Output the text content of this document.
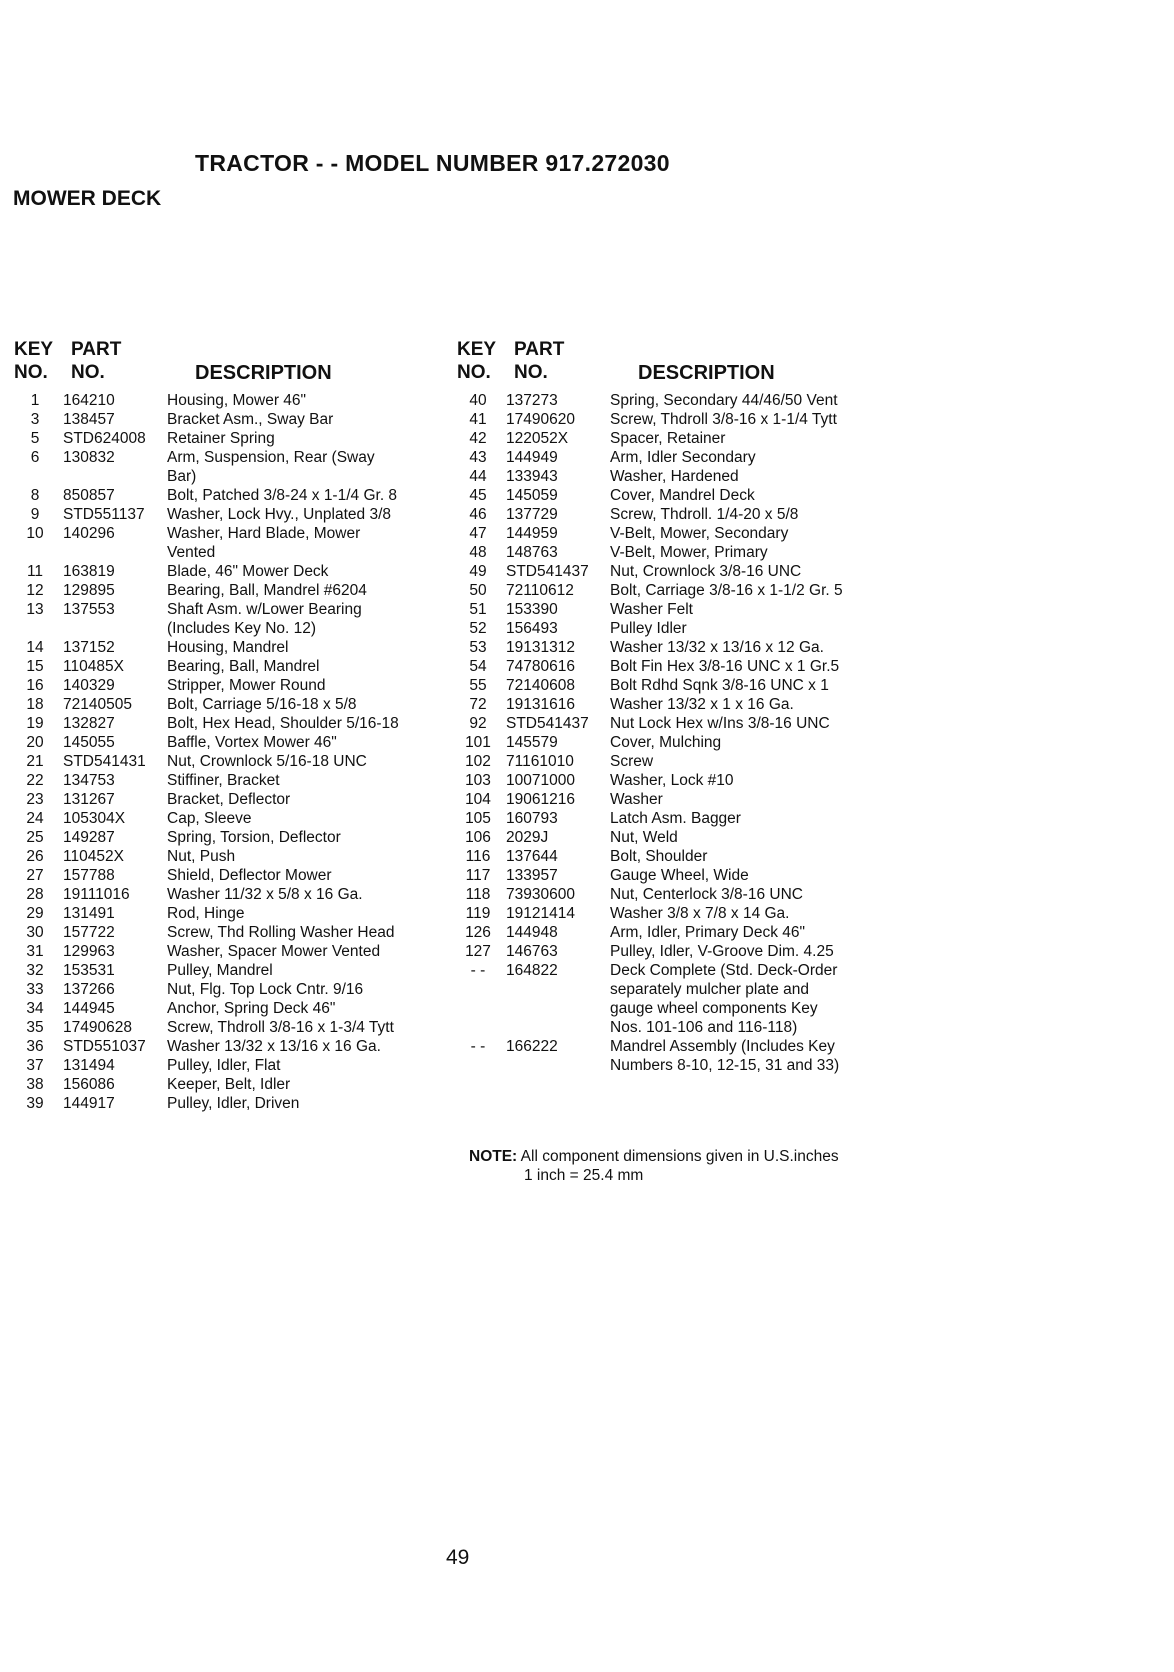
TRACTOR - - MODEL NUMBER 917.272030
MOWER DECK
KEY PART
NO. NO.	DESCRIPTION
KEY PART
NO. NO.	DESCRIPTION
1	164210	Housing, Mower 46"
3	138457	Bracket Asm., Sway Bar
5	STD624008	Retainer Spring
6	130832	Arm, Suspension, Rear (Sway
Bar)
8	850857	Bolt, Patched 3/8-24 x 1-1/4 Gr. 8
9	STD551137	Washer, Lock Hvy., Unplated 3/8
10	140296	Washer, Hard Blade, Mower
Vented
11	163819	Blade, 46" Mower Deck
12	129895	Bearing, Ball, Mandrel #6204
13	137553	Shaft Asm. w/Lower Bearing
(Includes Key No. 12)
14	137152	Housing, Mandrel
15	110485X	Bearing, Ball, Mandrel
16	140329	Stripper, Mower Round
18	72140505	Bolt, Carriage 5/16-18 x 5/8
19	132827	Bolt, Hex Head, Shoulder 5/16-18
20	145055	Baffle, Vortex Mower 46"
21	STD541431	Nut, Crownlock 5/16-18 UNC
22	134753	Stiffiner, Bracket
23	131267	Bracket, Deflector
24	105304X	Cap, Sleeve
25	149287	Spring, Torsion, Deflector
26	110452X	Nut, Push
27	157788	Shield, Deflector Mower
28	19111016	Washer 11/32 x 5/8 x 16 Ga.
29	131491	Rod, Hinge
30	157722	Screw, Thd Rolling Washer Head
31	129963	Washer, Spacer Mower Vented
32	153531	Pulley, Mandrel
33	137266	Nut, Flg. Top Lock Cntr. 9/16
34	144945	Anchor, Spring Deck 46"
35	17490628	Screw, Thdroll 3/8-16 x 1-3/4 Tytt
36	STD551037	Washer 13/32 x 13/16 x 16 Ga.
37	131494	Pulley, Idler, Flat
38	156086	Keeper, Belt, Idler
39	144917	Pulley, Idler, Driven
40	137273	Spring, Secondary 44/46/50 Vent
41	17490620	Screw, Thdroll 3/8-16 x 1-1/4 Tytt
42	122052X	Spacer, Retainer
43	144949	Arm, Idler Secondary
44	133943	Washer, Hardened
45	145059	Cover, Mandrel Deck
46	137729	Screw, Thdroll. 1/4-20 x 5/8
47	144959	V-Belt, Mower, Secondary
48	148763	V-Belt, Mower, Primary
49	STD541437	Nut, Crownlock 3/8-16 UNC
50	72110612	Bolt, Carriage 3/8-16 x 1-1/2 Gr. 5
51	153390	Washer Felt
52	156493	Pulley Idler
53	19131312	Washer 13/32 x 13/16 x 12 Ga.
54	74780616	Bolt Fin Hex 3/8-16 UNC x 1 Gr.5
55	72140608	Bolt Rdhd Sqnk 3/8-16 UNC x 1
72	19131616	Washer 13/32 x 1 x 16 Ga.
92	STD541437	Nut Lock Hex w/Ins 3/8-16 UNC
101 145579	Cover, Mulching
102 71161010	Screw
103 10071000	Washer, Lock #10
104 19061216	Washer
105 160793	Latch Asm. Bagger
106 2029J	Nut, Weld
116	137644	Bolt, Shoulder
117	133957	Gauge Wheel, Wide
118	73930600	Nut, Centerlock 3/8-16 UNC
119	19121414	Washer 3/8 x 7/8 x 14 Ga.
126 144948	Arm, Idler, Primary Deck 46"
127 146763	Pulley, Idler, V-Groove Dim. 4.25
- -	164822	Deck Complete (Std. Deck-Order
separately mulcher plate and
gauge wheel components Key
Nos. 101-106 and 116-118)
- -	166222	Mandrel Assembly (Includes Key
Numbers 8-10, 12-15, 31 and 33)
NOTE: All component dimensions given in U.S.inches
1 inch = 25.4 mm
49
